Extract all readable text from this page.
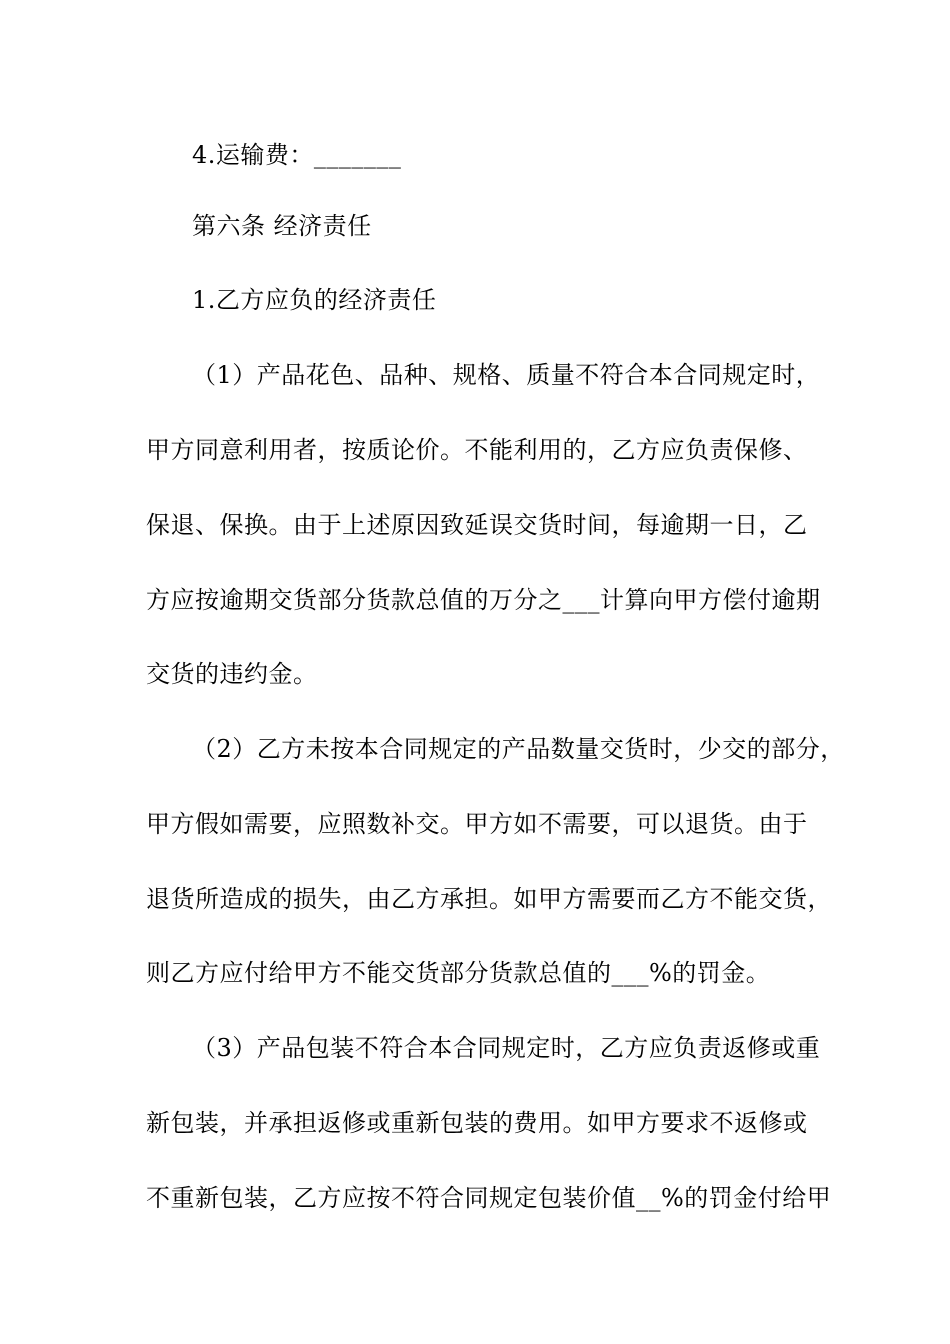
4.运输费：_______
第六条 经济责任
1.乙方应负的经济责任
（1）产品花色、品种、规格、质量不符合本合同规定时，
甲方同意利用者，按质论价。不能利用的，乙方应负责保修、
保退、保换。由于上述原因致延误交货时间，每逾期一日，乙
方应按逾期交货部分货款总值的万分之___计算向甲方偿付逾期
交货的违约金。
（2）乙方未按本合同规定的产品数量交货时，少交的部分，
甲方假如需要，应照数补交。甲方如不需要，可以退货。由于
退货所造成的损失，由乙方承担。如甲方需要而乙方不能交货，
则乙方应付给甲方不能交货部分货款总值的___%的罚金。
（3）产品包装不符合本合同规定时，乙方应负责返修或重
新包装，并承担返修或重新包装的费用。如甲方要求不返修或
不重新包装，乙方应按不符合同规定包装价值__%的罚金付给甲
